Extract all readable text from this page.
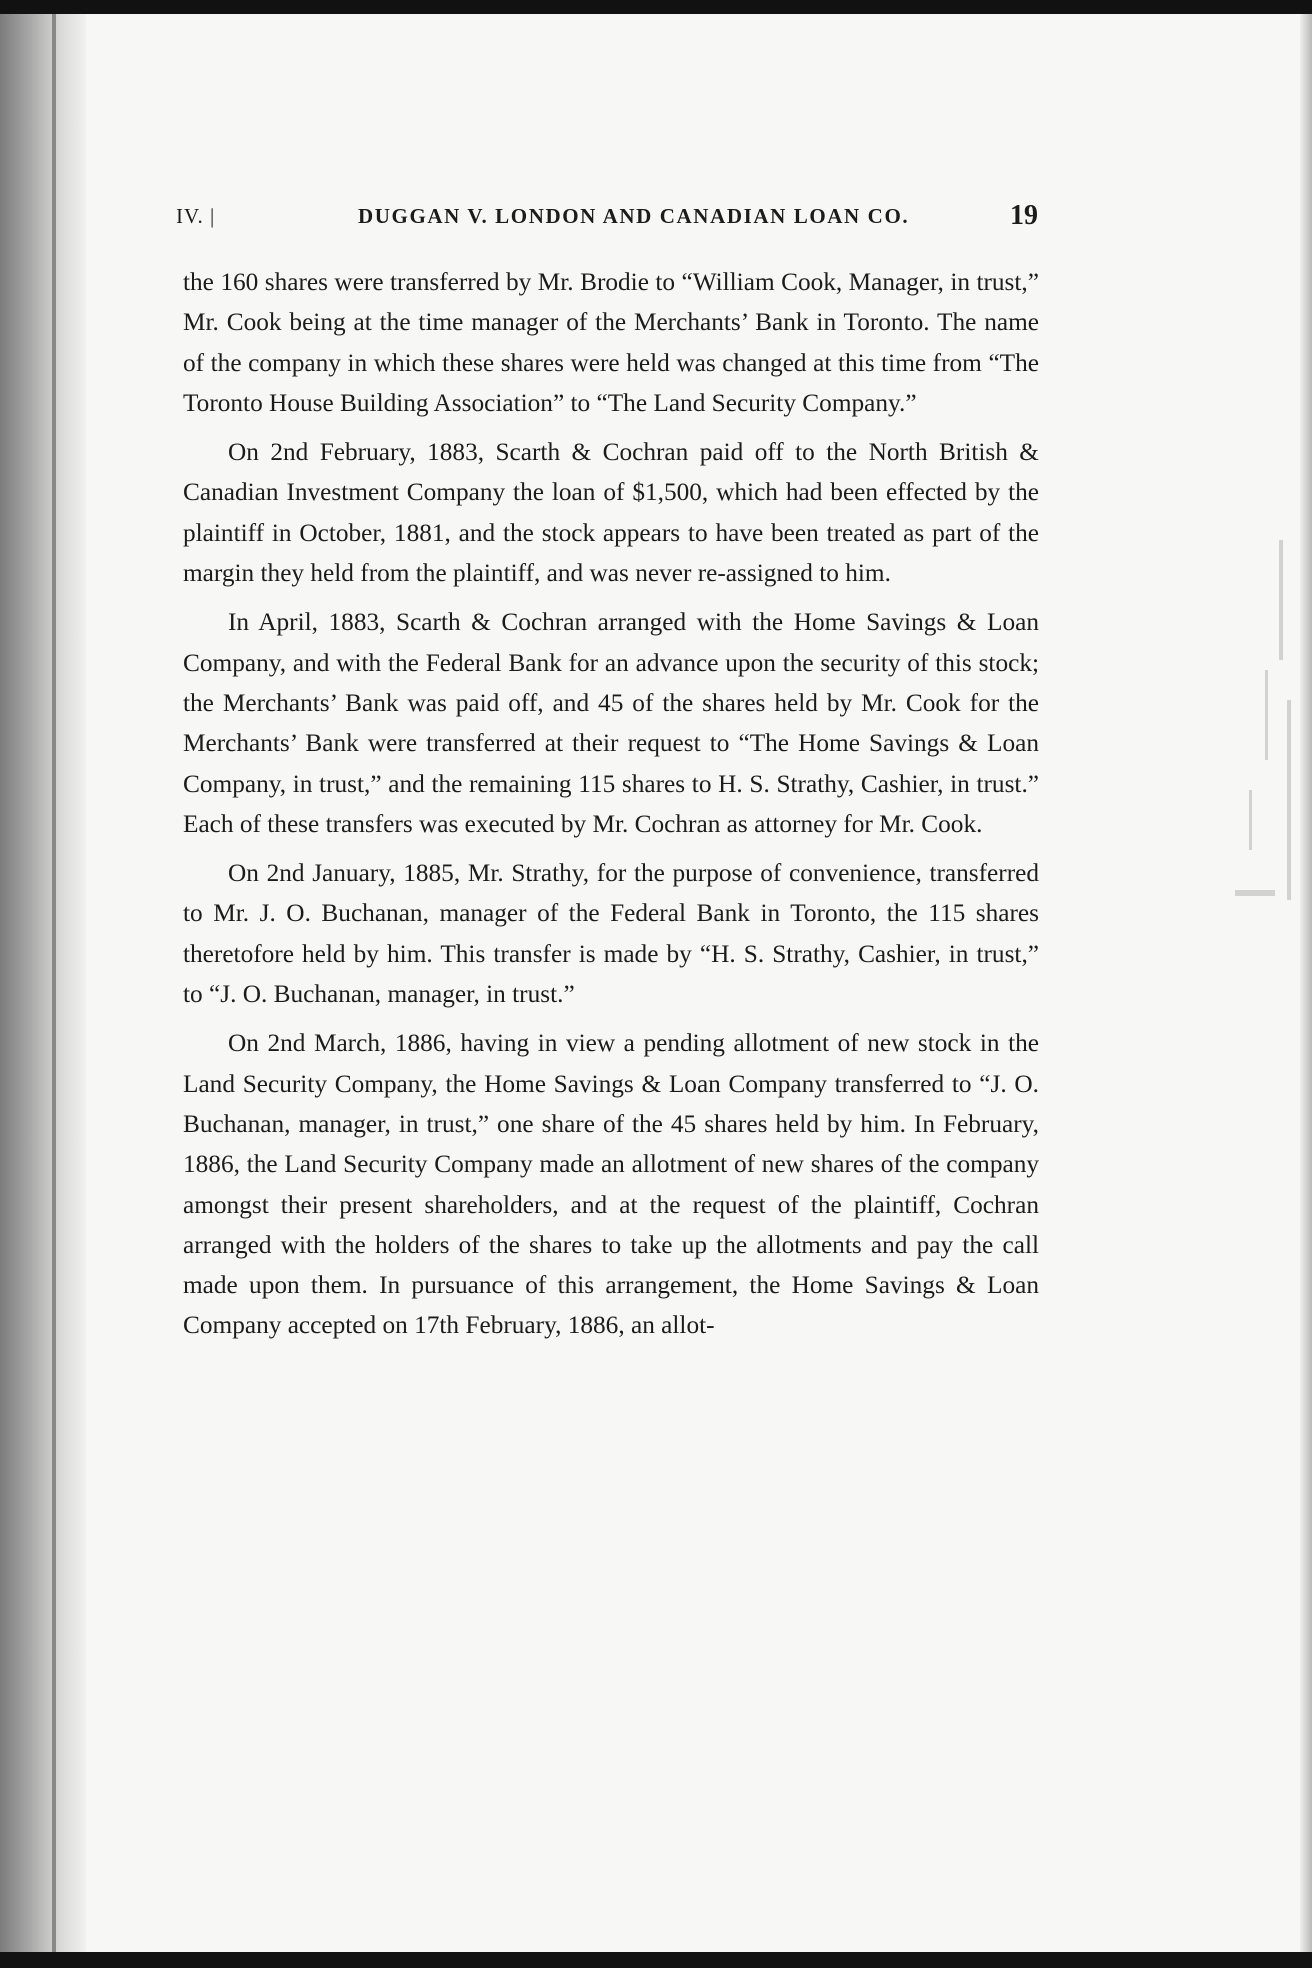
IV. |	DUGGAN V. LONDON AND CANADIAN LOAN CO.	19

the 160 shares were transferred by Mr. Brodie to “William Cook, Manager, in trust,” Mr. Cook being at the time manager of the Merchants’ Bank in Toronto. The name of the company in which these shares were held was changed at this time from “The Toronto House Building Association” to “The Land Security Company.”

On 2nd February, 1883, Scarth & Cochran paid off to the North British & Canadian Investment Company the loan of $1,500, which had been effected by the plaintiff in October, 1881, and the stock appears to have been treated as part of the margin they held from the plaintiff, and was never re-assigned to him.

In April, 1883, Scarth & Cochran arranged with the Home Savings & Loan Company, and with the Federal Bank for an advance upon the security of this stock; the Merchants’ Bank was paid off, and 45 of the shares held by Mr. Cook for the Merchants’ Bank were transferred at their request to “The Home Savings & Loan Company, in trust,” and the remaining 115 shares to H. S. Strathy, Cashier, in trust.” Each of these transfers was executed by Mr. Cochran as attorney for Mr. Cook.

On 2nd January, 1885, Mr. Strathy, for the purpose of convenience, transferred to Mr. J. O. Buchanan, manager of the Federal Bank in Toronto, the 115 shares theretofore held by him. This transfer is made by “H. S. Strathy, Cashier, in trust,” to “J. O. Buchanan, manager, in trust.”

On 2nd March, 1886, having in view a pending allotment of new stock in the Land Security Company, the Home Savings & Loan Company transferred to “J. O. Buchanan, manager, in trust,” one share of the 45 shares held by him. In February, 1886, the Land Security Company made an allotment of new shares of the company amongst their present shareholders, and at the request of the plaintiff, Cochran arranged with the holders of the shares to take up the allotments and pay the call made upon them. In pursuance of this arrangement, the Home Savings & Loan Company accepted on 17th February, 1886, an allot-
